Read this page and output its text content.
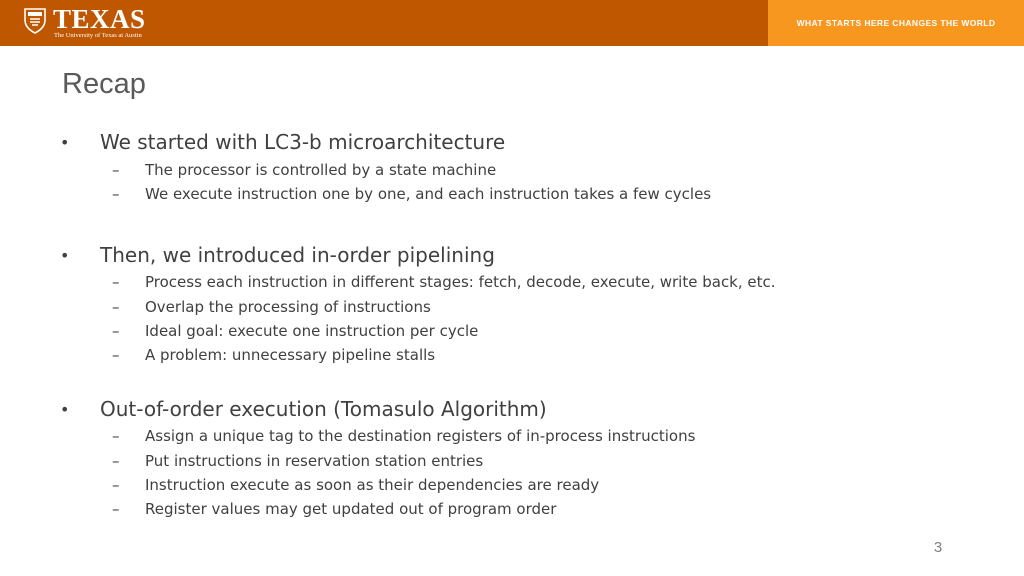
WHAT STARTS HERE CHANGES THE WORLD
TEXAS
The University of Texas at Austin
Recap
• We started with LC3-b microarchitecture
– The processor is controlled by a state machine
– We execute instruction one by one, and each instruction takes a few cycles
• Then, we introduced in-order pipelining
– Process each instruction in different stages: fetch, decode, execute, write back, etc.
– Overlap the processing of instructions
– Ideal goal: execute one instruction per cycle
– A problem: unnecessary pipeline stalls
• Out-of-order execution (Tomasulo Algorithm)
– Assign a unique tag to the destination registers of in-process instructions
– Put instructions in reservation station entries
– Instruction execute as soon as their dependencies are ready
– Register values may get updated out of program order
3
